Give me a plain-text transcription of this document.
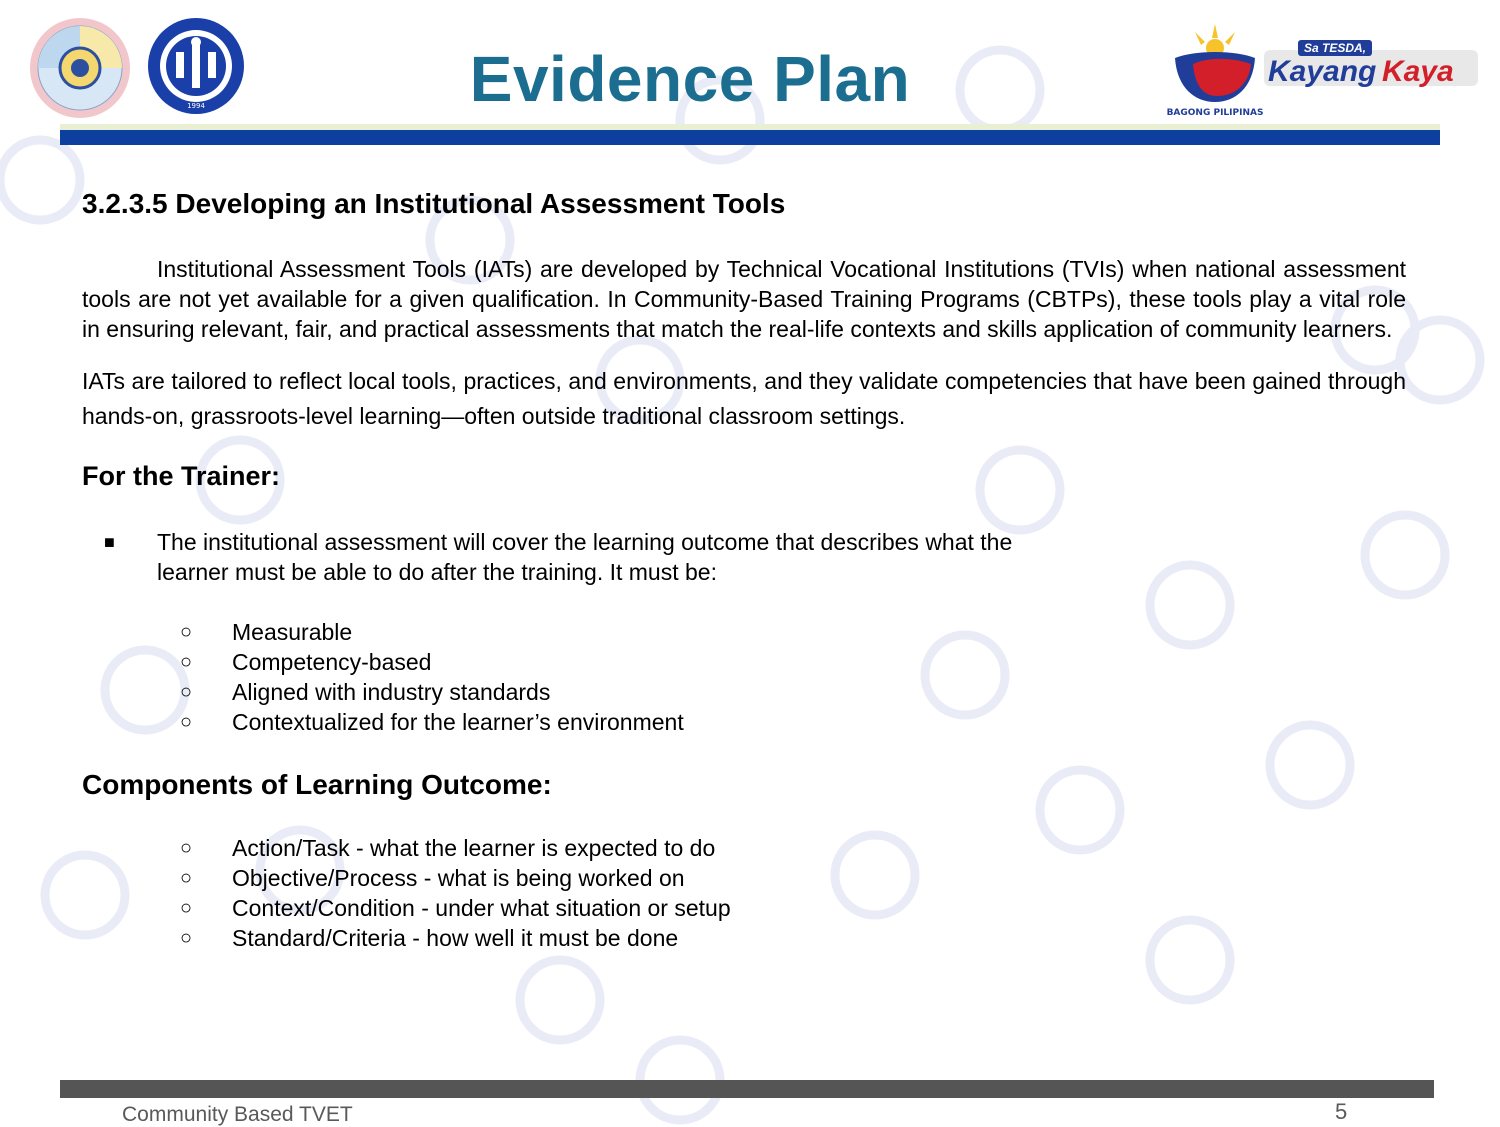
1994	Evidence Plan	BAGONG PILIPINAS
Sa TESDA,
Kayang Kaya
3.2.3.5 Developing an Institutional Assessment Tools

Institutional Assessment Tools (IATs) are developed by Technical Vocational Institutions (TVIs) when national assessment tools are not yet available for a given qualification. In Community-Based Training Programs (CBTPs), these tools play a vital role in ensuring relevant, fair, and practical assessments that match the real-life contexts and skills application of community learners.

IATs are tailored to reflect local tools, practices, and environments, and they validate competencies that have been gained through hands-on, grassroots-level learning—often outside traditional classroom settings.

For the Trainer:
■ The institutional assessment will cover the learning outcome that describes what the learner must be able to do after the training. It must be:
○ Measurable
○ Competency-based
○ Aligned with industry standards
○ Contextualized for the learner’s environment
Components of Learning Outcome:
○ Action/Task - what the learner is expected to do
○ Objective/Process - what is being worked on
○ Context/Condition - under what situation or setup
○ Standard/Criteria - how well it must be done
Community Based TVET	5
